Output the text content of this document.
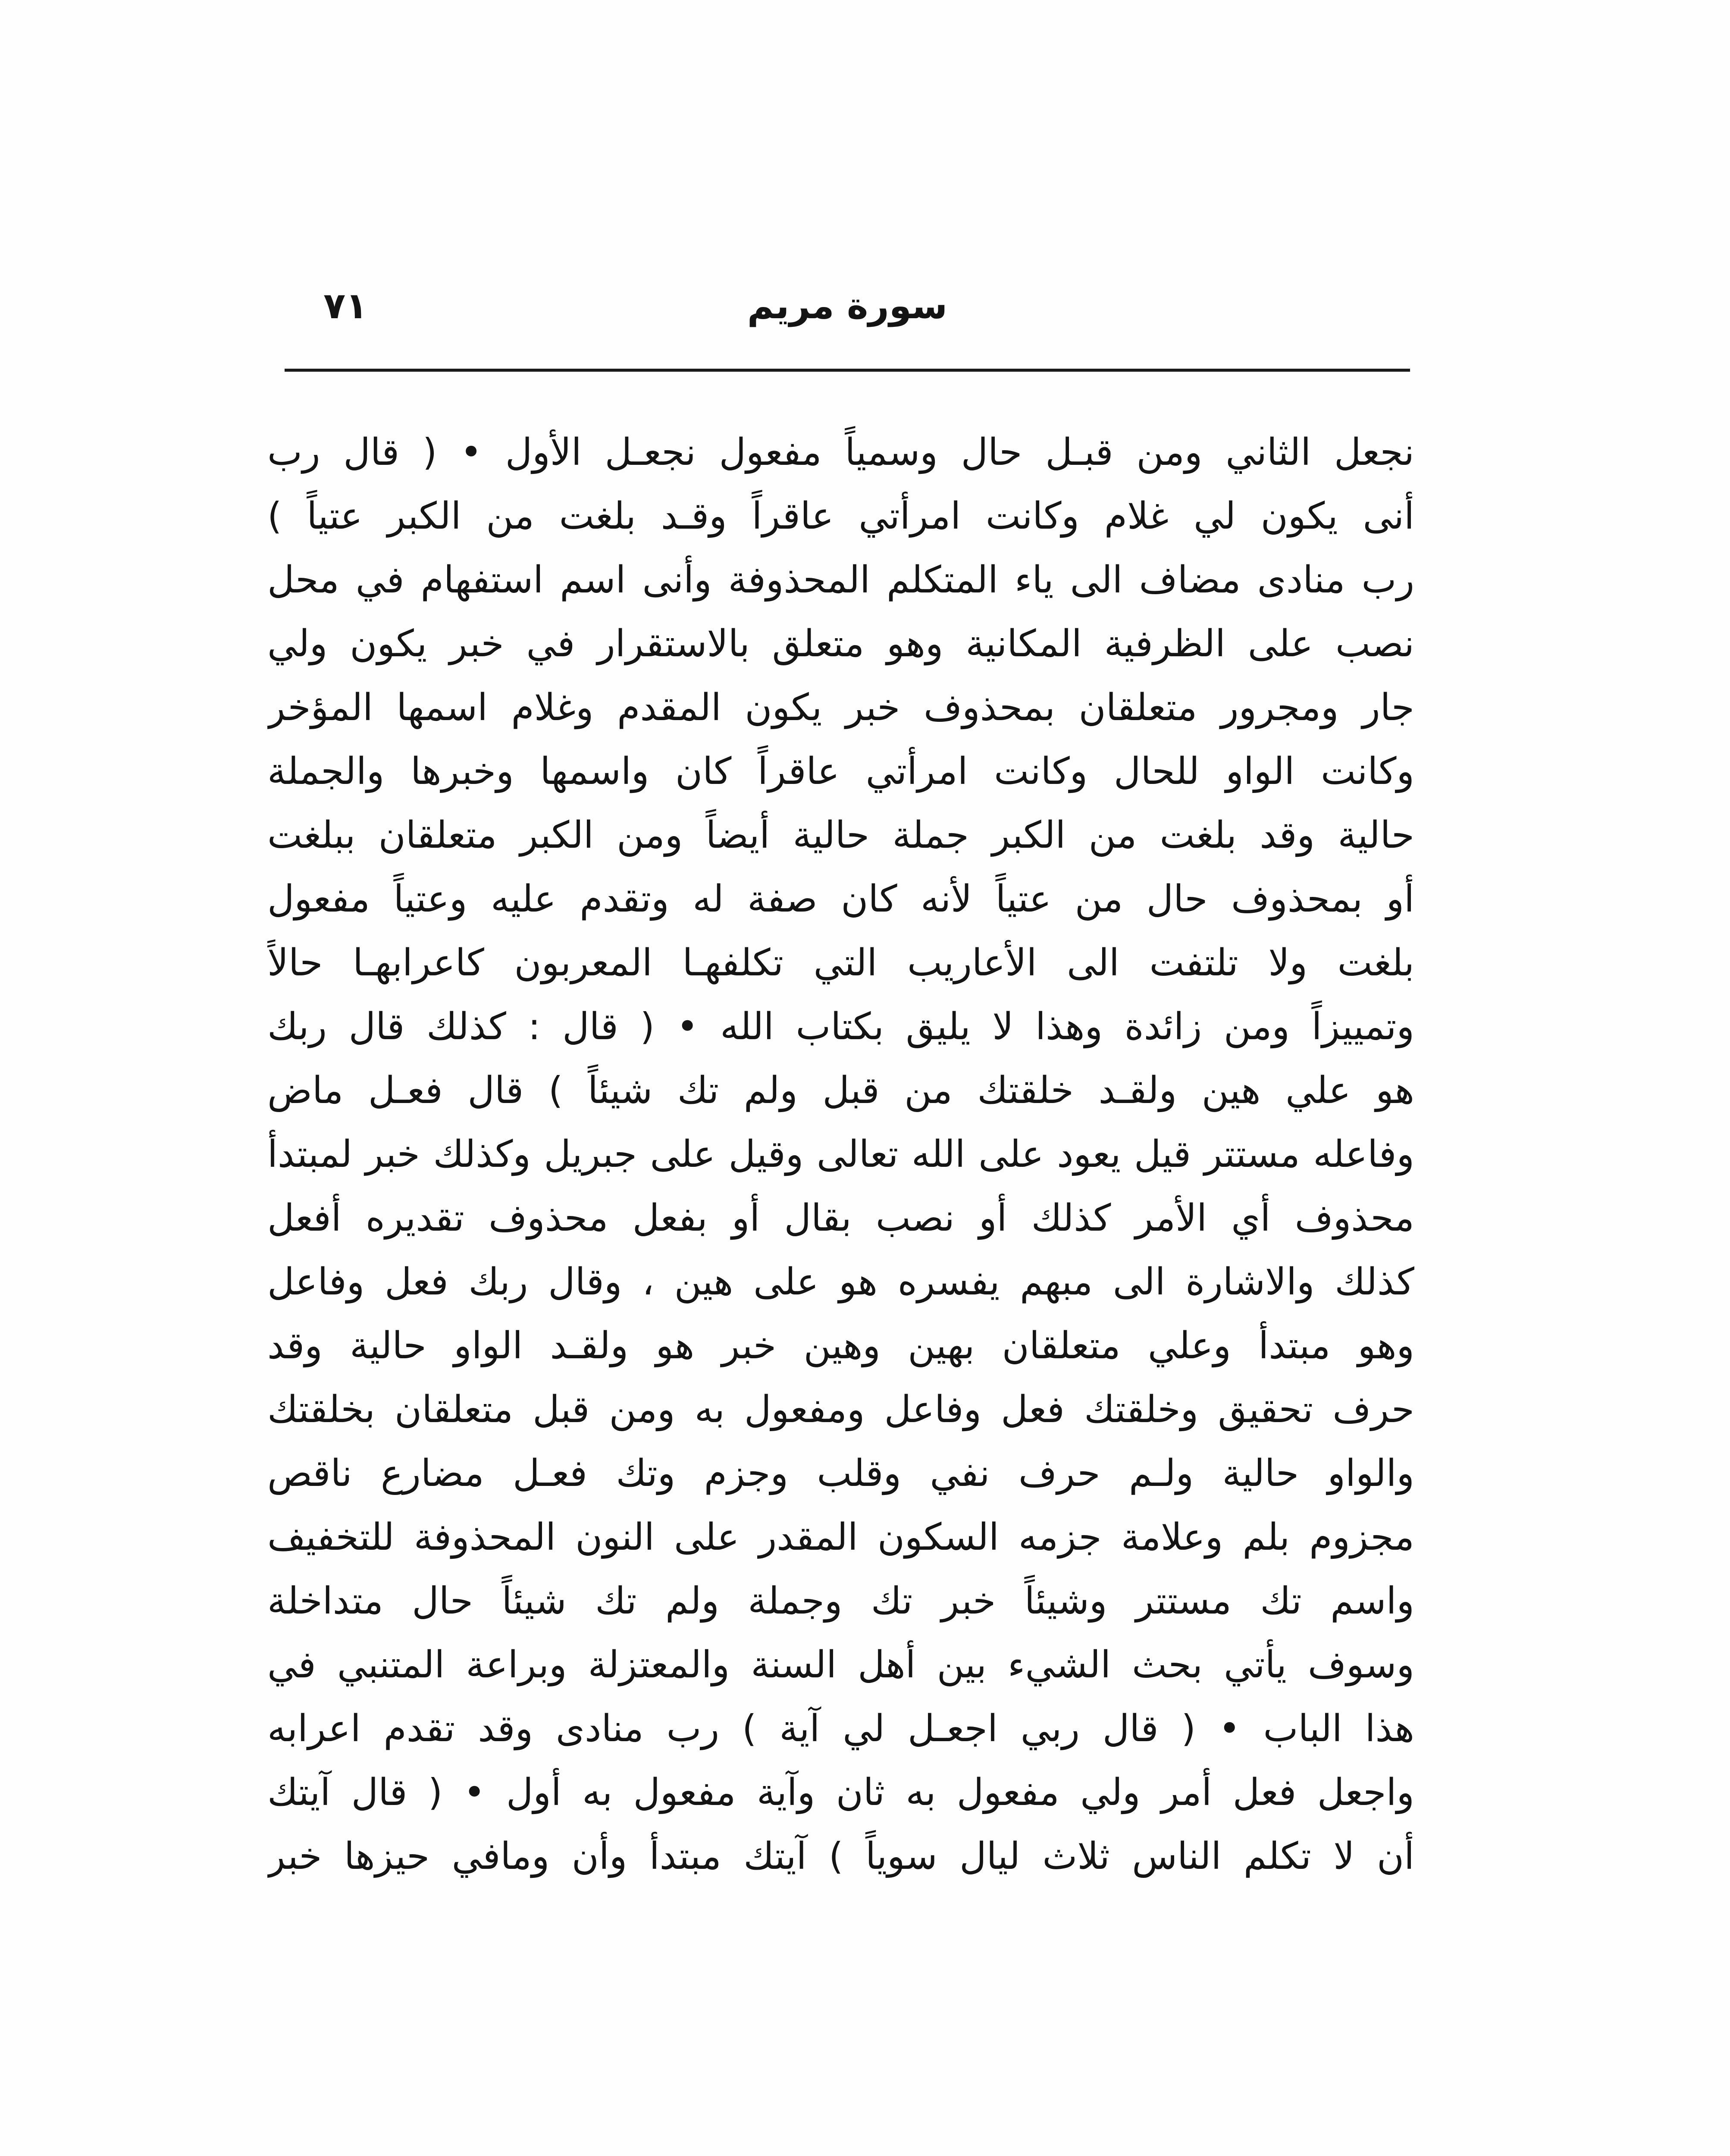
٧١	سورة مريم
نجعل الثاني ومن قبـل حال وسمياً مفعول نجعـل الأول • ( قال رب
أنى يكون لي غلام وكانت امرأتي عاقراً وقـد بلغت من الكبر عتياً )
رب منادى مضاف الى ياء المتكلم المحذوفة وأنى اسم استفهام في محل
نصب على الظرفية المكانية وهو متعلق بالاستقرار في خبر يكون ولي
جار ومجرور متعلقان بمحذوف خبر يكون المقدم وغلام اسمها المؤخر
وكانت الواو للحال وكانت امرأتي عاقراً كان واسمها وخبرها والجملة
حالية وقد بلغت من الكبر جملة حالية أيضاً ومن الكبر متعلقان ببلغت
أو بمحذوف حال من عتياً لأنه كان صفة له وتقدم عليه وعتياً مفعول
بلغت ولا تلتفت الى الأعاريب التي تكلفهـا المعربون كاعرابهـا حالاً
وتمييزاً ومن زائدة وهذا لا يليق بكتاب الله • ( قال : كذلك قال ربك
هو علي هين ولقـد خلقتك من قبل ولم تك شيئاً ) قال فعـل ماض
وفاعله مستتر قيل يعود على الله تعالى وقيل على جبريل وكذلك خبر لمبتدأ
محذوف أي الأمر كذلك أو نصب بقال أو بفعل محذوف تقديره أفعل
كذلك والاشارة الى مبهم يفسره هو على هين ، وقال ربك فعل وفاعل
وهو مبتدأ وعلي متعلقان بهين وهين خبر هو ولقـد الواو حالية وقد
حرف تحقيق وخلقتك فعل وفاعل ومفعول به ومن قبل متعلقان بخلقتك
والواو حالية ولـم حرف نفي وقلب وجزم وتك فعـل مضارع ناقص
مجزوم بلم وعلامة جزمه السكون المقدر على النون المحذوفة للتخفيف
واسم تك مستتر وشيئاً خبر تك وجملة ولم تك شيئاً حال متداخلة
وسوف يأتي بحث الشيء بين أهل السنة والمعتزلة وبراعة المتنبي في
هذا الباب • ( قال ربي اجعـل لي آية ) رب منادى وقد تقدم اعرابه
واجعل فعل أمر ولي مفعول به ثان وآية مفعول به أول • ( قال آيتك
أن لا تكلم الناس ثلاث ليال سوياً ) آيتك مبتدأ وأن ومافي حيزها خبر
